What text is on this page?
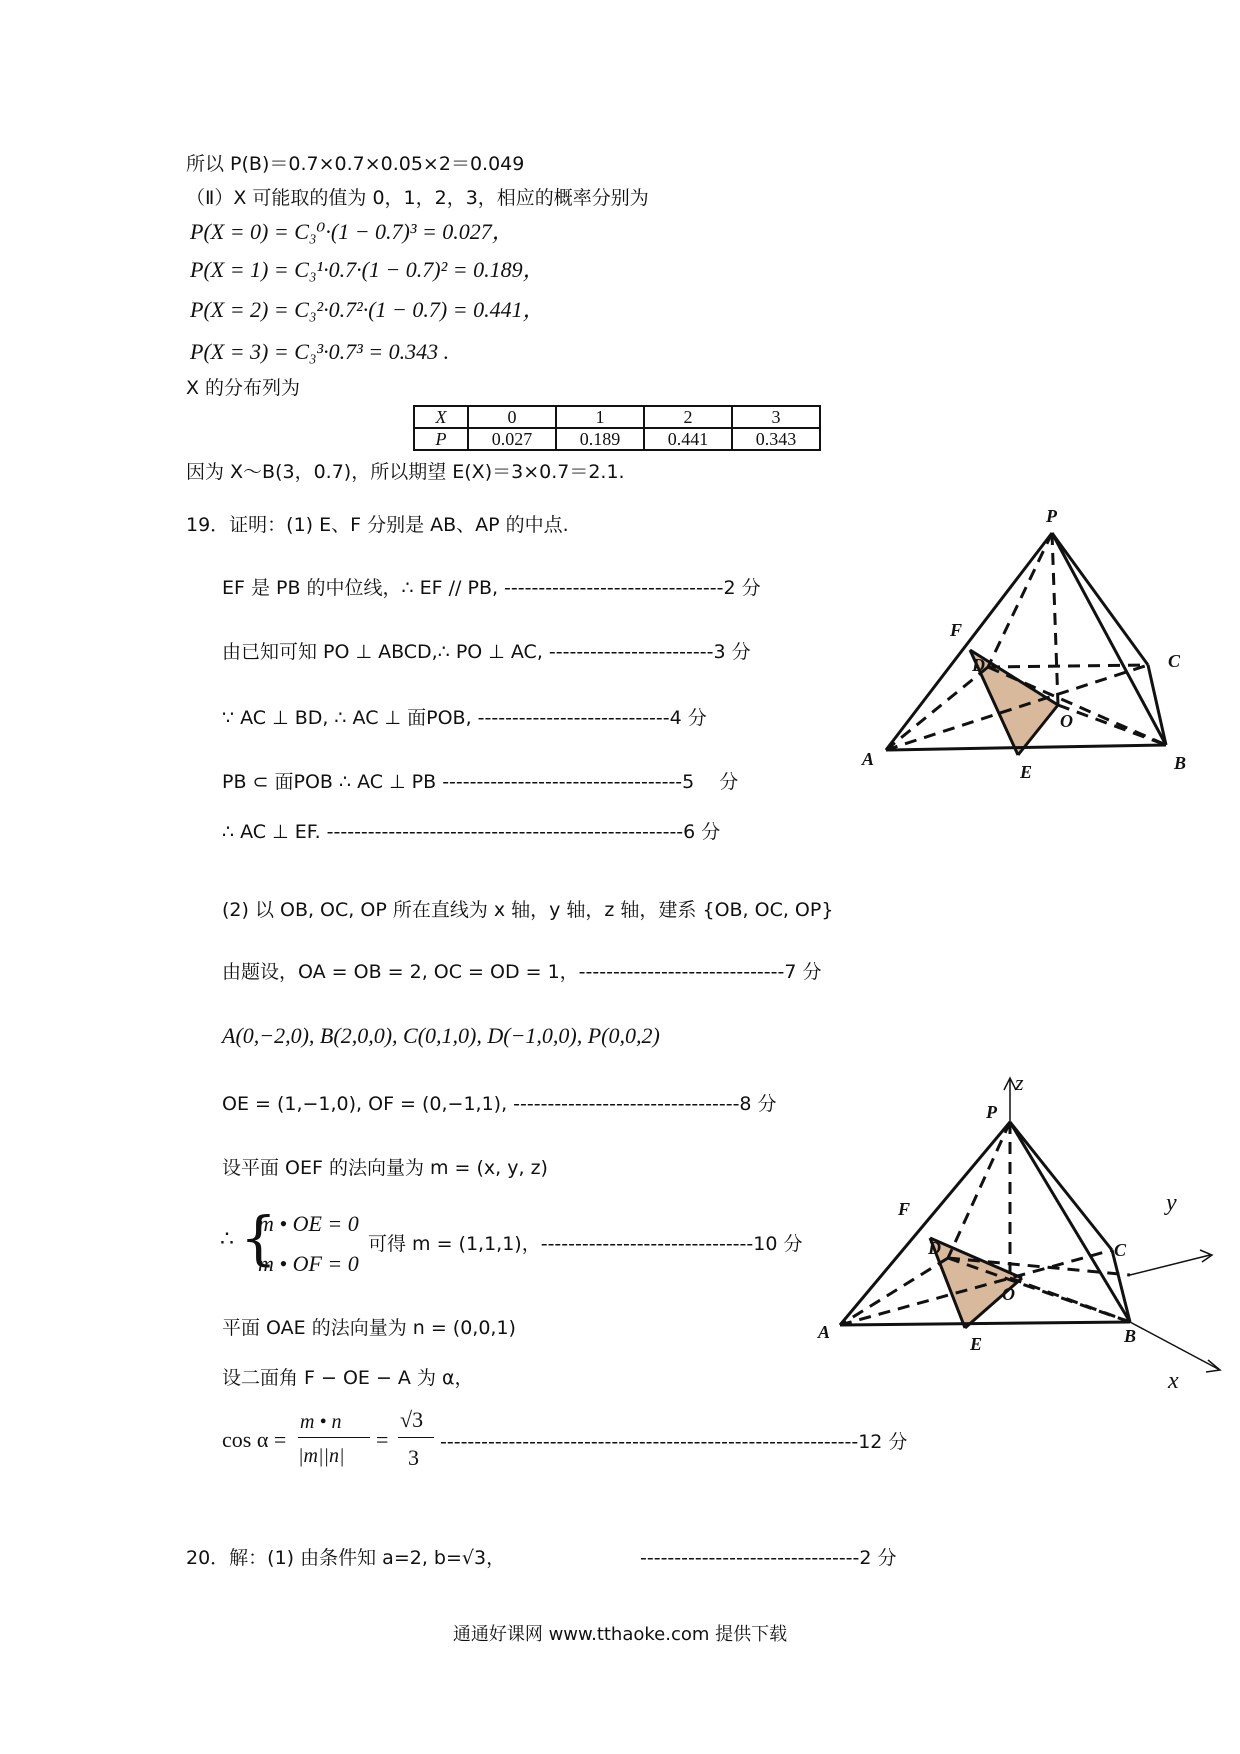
所以 P(B)＝0.7×0.7×0.05×2＝0.049
（Ⅱ）X 可能取的值为 0，1，2，3，相应的概率分别为
P(X = 0) = C₃⁰·(1 − 0.7)³ = 0.027，
P(X = 1) = C₃¹·0.7·(1 − 0.7)² = 0.189，
P(X = 2) = C₃²·0.7²·(1 − 0.7) = 0.441，
P(X = 3) = C₃³·0.7³ = 0.343 .
X 的分布列为
X	0	1	2	3
P	0.027	0.189	0.441	0.343
因为 X～B(3，0.7)，所以期望 E(X)＝3×0.7＝2.1.
19．证明：(1) E、F 分别是 AB、AP 的中点.
EF 是 PB 的中位线，∴ EF // PB, --------------------------------2 分
由已知可知 PO ⊥ ABCD,∴ PO ⊥ AC, ------------------------3 分
∵ AC ⊥ BD, ∴ AC ⊥ 面POB, ----------------------------4 分
PB ⊂ 面POB ∴ AC ⊥ PB -----------------------------------5　 分
∴ AC ⊥ EF. ----------------------------------------------------6 分
(2) 以 OB, OC, OP 所在直线为 x 轴，y 轴，z 轴，建系 {OB, OC, OP}
由题设，OA = OB = 2, OC = OD = 1，------------------------------7 分
A(0,−2,0), B(2,0,0), C(0,1,0), D(−1,0,0), P(0,0,2)
OE = (1,−1,0), OF = (0,−1,1), ---------------------------------8 分
设平面 OEF 的法向量为 m = (x, y, z)
∴ {
m • OE = 0
m • OF = 0
可得 m = (1,1,1)，-------------------------------10 分
平面 OAE 的法向量为 n = (0,0,1)
设二面角 F − OE − A 为 α，
cos α =
m • n
|m||n|
=
√3
3
-------------------------------------------------------------12 分
20．解：(1) 由条件知 a=2, b=√3，	--------------------------------2 分
P
F
D	C
O
A
E	B
z
P
F	y
D	C
O
A
E	B
x
通通好课网 www.tthaoke.com 提供下载
